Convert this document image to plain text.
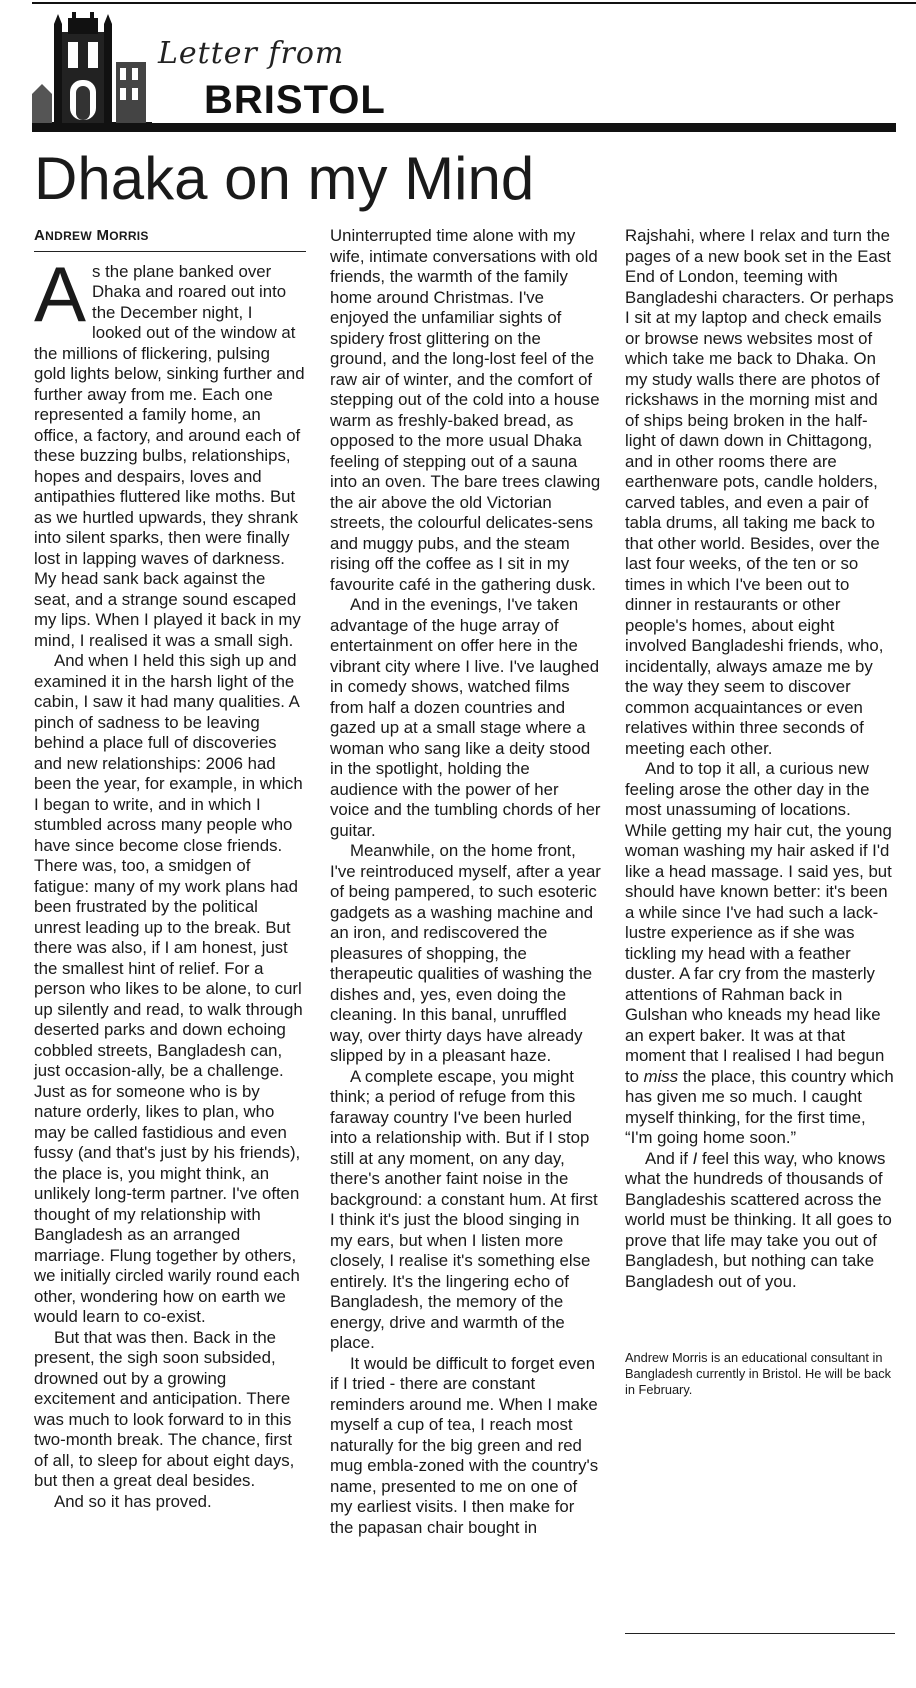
Letter from
BRISTOL
Dhaka on my Mind
ANDREW MORRIS

As the plane banked over Dhaka and roared out into the December night, I looked out of the window at the millions of flickering, pulsing gold lights below, sinking further and further away from me. Each one represented a family home, an office, a factory, and around each of these buzzing bulbs, relationships, hopes and despairs, loves and antipathies fluttered like moths. But as we hurtled upwards, they shrank into silent sparks, then were finally lost in lapping waves of darkness. My head sank back against the seat, and a strange sound escaped my lips. When I played it back in my mind, I realised it was a small sigh.

And when I held this sigh up and examined it in the harsh light of the cabin, I saw it had many qualities. A pinch of sadness to be leaving behind a place full of discoveries and new relationships: 2006 had been the year, for example, in which I began to write, and in which I stumbled across many people who have since become close friends. There was, too, a smidgen of fatigue: many of my work plans had been frustrated by the political unrest leading up to the break. But there was also, if I am honest, just the smallest hint of relief. For a person who likes to be alone, to curl up silently and read, to walk through deserted parks and down echoing cobbled streets, Bangladesh can, just occasion-ally, be a challenge. Just as for someone who is by nature orderly, likes to plan, who may be called fastidious and even fussy (and that's just by his friends), the place is, you might think, an unlikely long-term partner. I've often thought of my relationship with Bangladesh as an arranged marriage. Flung together by others, we initially circled warily round each other, wondering how on earth we would learn to co-exist.

But that was then. Back in the present, the sigh soon subsided, drowned out by a growing excitement and anticipation. There was much to look forward to in this two-month break. The chance, first of all, to sleep for about eight days, but then a great deal besides.

And so it has proved.

Uninterrupted time alone with my wife, intimate conversations with old friends, the warmth of the family home around Christmas. I've enjoyed the unfamiliar sights of spidery frost glittering on the ground, and the long-lost feel of the raw air of winter, and the comfort of stepping out of the cold into a house warm as freshly-baked bread, as opposed to the more usual Dhaka feeling of stepping out of a sauna into an oven. The bare trees clawing the air above the old Victorian streets, the colourful delicates-sens and muggy pubs, and the steam rising off the coffee as I sit in my favourite café in the gathering dusk.

And in the evenings, I've taken advantage of the huge array of entertainment on offer here in the vibrant city where I live. I've laughed in comedy shows, watched films from half a dozen countries and gazed up at a small stage where a woman who sang like a deity stood in the spotlight, holding the audience with the power of her voice and the tumbling chords of her guitar.

Meanwhile, on the home front, I've reintroduced myself, after a year of being pampered, to such esoteric gadgets as a washing machine and an iron, and rediscovered the pleasures of shopping, the therapeutic qualities of washing the dishes and, yes, even doing the cleaning. In this banal, unruffled way, over thirty days have already slipped by in a pleasant haze.

A complete escape, you might think; a period of refuge from this faraway country I've been hurled into a relationship with. But if I stop still at any moment, on any day, there's another faint noise in the background: a constant hum. At first I think it's just the blood singing in my ears, but when I listen more closely, I realise it's something else entirely. It's the lingering echo of Bangladesh, the memory of the energy, drive and warmth of the place.

It would be difficult to forget even if I tried - there are constant reminders around me. When I make myself a cup of tea, I reach most naturally for the big green and red mug embla-zoned with the country's name, presented to me on one of my earliest visits. I then make for the papasan chair bought in

Rajshahi, where I relax and turn the pages of a new book set in the East End of London, teeming with Bangladeshi characters. Or perhaps I sit at my laptop and check emails or browse news websites most of which take me back to Dhaka. On my study walls there are photos of rickshaws in the morning mist and of ships being broken in the half-light of dawn down in Chittagong, and in other rooms there are earthenware pots, candle holders, carved tables, and even a pair of tabla drums, all taking me back to that other world. Besides, over the last four weeks, of the ten or so times in which I've been out to dinner in restaurants or other people's homes, about eight involved Bangladeshi friends, who, incidentally, always amaze me by the way they seem to discover common acquaintances or even relatives within three seconds of meeting each other.

And to top it all, a curious new feeling arose the other day in the most unassuming of locations. While getting my hair cut, the young woman washing my hair asked if I'd like a head massage. I said yes, but should have known better: it's been a while since I've had such a lack-lustre experience as if she was tickling my head with a feather duster. A far cry from the masterly attentions of Rahman back in Gulshan who kneads my head like an expert baker. It was at that moment that I realised I had begun to miss the place, this country which has given me so much. I caught myself thinking, for the first time, “I'm going home soon.”

And if I feel this way, who knows what the hundreds of thousands of Bangladeshis scattered across the world must be thinking. It all goes to prove that life may take you out of Bangladesh, but nothing can take Bangladesh out of you.

Andrew Morris is an educational consultant in Bangladesh currently in Bristol. He will be back in February.
